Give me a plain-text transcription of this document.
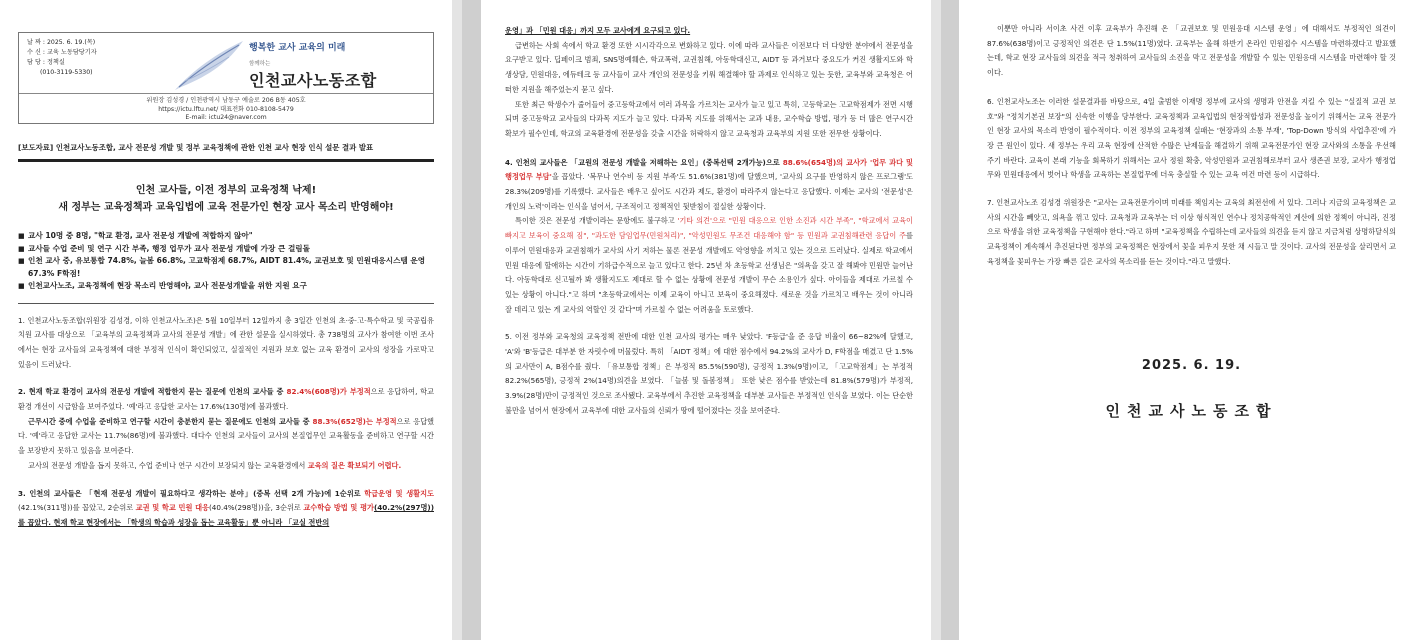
날 짜 : 2025. 6. 19.(목)
수 신 : 교육 노동담당기자
담 당 : 정책실
(010-3119-5330)
행복한 교사 교육의 미래
함께하는
인천교사노동조합
위원장 김성경 / 인천광역시 남동구 예술로 206 B동 405호
https://ictu.lftu.net/ 대표전화 010-8108-5479
E-mail: ictu24@naver.com
[보도자료] 인천교사노동조합, 교사 전문성 개발 및 정부 교육정책에 관한 인천 교사 현장 인식 설문 결과 발표
인천 교사들, 이전 정부의 교육정책 낙제!
새 정부는 교육정책과 교육입법에 교육 전문가인 현장 교사 목소리 반영해야!
■ 교사 10명 중 8명, "학교 환경, 교사 전문성 개발에 적합하지 않아"
■ 교사들 수업 준비 및 연구 시간 부족, 행정 업무가 교사 전문성 개발에 가장 큰 걸림돌
■ 인천 교사 중, 유보통합 74.8%, 늘봄 66.8%, 고교학점제 68.7%, AIDT 81.4%, 교권보호 및 민원대응시스템 운영 67.3% F학점!
■ 인천교사노조, 교육정책에 현장 목소리 반영해야, 교사 전문성개발을 위한 지원 요구

1. 인천교사노동조합(위원장 김성경, 이하 인천교사노조)은 5월 10일부터 12일까지 총 3일간 인천의 초·중·고·특수학교 및 국공립유치원 교사를 대상으로 「교육부의 교육정책과 교사의 전문성 개발」에 관한 설문을 실시하였다. 총 738명의 교사가 참여한 이번 조사에서는 현장 교사들의 교육정책에 대한 부정적 인식이 확인되었고, 실질적인 지원과 보호 없는 교육 환경이 교사의 성장을 가로막고 있음이 드러났다.

2. 현재 학교 환경이 교사의 전문성 개발에 적합한지 묻는 질문에 인천의 교사들 중 82.4%(608명)가 부정적으로 응답하여, 학교 환경 개선이 시급함을 보여주었다. '예'라고 응답한 교사는 17.6%(130명)에 불과했다.

근무시간 중에 수업을 준비하고 연구할 시간이 충분한지 묻는 질문에도 인천의 교사들 중 88.3%(652명)는 부정적으로 응답했다. '예'라고 응답한 교사는 11.7%(86명)에 불과했다. 대다수 인천의 교사들이 교사의 본질업무인 교육활동을 준비하고 연구할 시간을 보장받지 못하고 있음을 보여준다.

교사의 전문성 개발을 돕지 못하고, 수업 준비나 연구 시간이 보장되지 않는 교육환경에서 교육의 질은 확보되기 어렵다.

3. 인천의 교사들은 「현재 전문성 개발이 필요하다고 생각하는 분야」(중복 선택 2개 가능)에 1순위로 학급운영 및 생활지도(42.1%(311명))를 꼽았고, 2순위로 교권 및 학교 민원 대응(40.4%(298명))을, 3순위로 교수학습 방법 및 평가(40.2%(297명))를 꼽았다. 현재 학교 현장에서는 「학생의 학습과 성장을 돕는 교육활동」뿐 아니라 「교실 전반의

운영」과 「민원 대응」까지 모두 교사에게 요구되고 있다.

급변하는 사회 속에서 학교 환경 또한 시시각각으로 변화하고 있다. 이에 따라 교사들은 이전보다 더 다양한 분야에서 전문성을 요구받고 있다. 딥페이크 범죄, SNS명예훼손, 학교폭력, 교권침해, 아동학대신고, AIDT 등 과거보다 중요도가 커진 생활지도와 학생상담, 민원대응, 에듀테크 등 교사들이 교사 개인의 전문성을 키워 해결해야 할 과제로 인식하고 있는 듯한, 교육부와 교육청은 어떠한 지원을 해주었는지 묻고 싶다.

또한 최근 학생수가 줄어들어 중고등학교에서 여러 과목을 가르치는 교사가 늘고 있고 특히, 고등학교는 고교학점제가 전면 시행되며 중고등학교 교사들의 다과목 지도가 늘고 있다. 다과목 지도를 위해서는 교과 내용, 교수학습 방법, 평가 등 더 많은 연구시간 확보가 필수인데, 학교의 교육환경에 전문성을 갖출 시간을 허락하지 않고 교육청과 교육부의 지원 또한 전무한 상황이다.

4. 인천의 교사들은 「교원의 전문성 개발을 저해하는 요인」(중복선택 2개가능)으로 88.6%(654명)의 교사가 '업무 과다 및 행정업무 부담'을 꼽았다. '복무나 연수비 등 지원 부족'도 51.6%(381명)에 달했으며, '교사의 요구를 반영하지 않은 프로그램'도 28.3%(209명)를 기록했다. 교사들은 배우고 싶어도 시간과 제도, 환경이 따라주지 않는다고 응답했다. 이제는 교사의 '전문성'은 개인의 노력'이라는 인식을 넘어서, 구조적이고 정책적인 뒷받침이 절실한 상황이다.

특이한 것은 전문성 개발이라는 문항에도 불구하고 '기타 의견'으로 "민원 대응으로 인한 소진과 시간 부족", "학교에서 교육이 빠지고 보육이 중요해 짐", "과도한 담임업무(민원처리)", "악성민원도 무조건 대응해야 함" 등 민원과 교권침해관련 응답이 주를 이루어 민원대응과 교권침해가 교사의 사기 저하는 물론 전문성 개발에도 악영향을 끼치고 있는 것으로 드러났다. 실제로 학교에서 민원 대응에 할애하는 시간이 기하급수적으로 늘고 있다고 한다. 25년 차 초등학교 선생님은 "의욕을 갖고 잘 해봐야 민원만 늘어난다. 아동학대로 신고될까 봐 생활지도도 제대로 할 수 없는 상황에 전문성 개발이 무슨 소용인가 싶다. 아이들을 제대로 가르칠 수 있는 상황이 아니다."고 하며 "초등학교에서는 이제 교육이 아니고 보육이 중요해졌다. 새로운 것을 가르치고 배우는 것이 아니라 잘 데리고 있는 게 교사의 역할인 것 같다"며 가르칠 수 없는 어려움을 토로했다.

5. 이전 정부와 교육청의 교육정책 전반에 대한 인천 교사의 평가는 매우 낮았다. 'F등급'을 준 응답 비율이 66~82%에 달했고, 'A'와 'B'등급은 대부분 한 자릿수에 머물렀다. 특히 「AIDT 정책」에 대한 점수에서 94.2%의 교사가 D, F학점을 매겼고 단 1.5%의 교사만이 A, B점수를 줬다. 「유보통합 정책」은 부정적 85.5%(590명), 긍정적 1.3%(9명)이고, 「고교학점제」는 부정적 82.2%(565명), 긍정적 2%(14명)의견을 보였다. 「늘봄 및 돌봄정책」 또한 낮은 점수를 받았는데 81.8%(579명)가 부정적, 3.9%(28명)만이 긍정적인 것으로 조사됐다. 교육부에서 추진한 교육정책을 대부분 교사들은 부정적인 인식을 보였다. 이는 단순한 불만을 넘어서 현장에서 교육부에 대한 교사들의 신뢰가 땅에 떨어졌다는 것을 보여준다.

이뿐만 아니라 서이초 사건 이후 교육부가 추진해 온 「교권보호 및 민원응대 시스템 운영」에 대해서도 부정적인 의견이 87.6%(638명)이고 긍정적인 의견은 단 1.5%(11명)였다. 교육부는 올해 하반기 온라인 민원접수 시스템을 마련하겠다고 발표했는데, 학교 현장 교사들의 의견을 적극 청취하여 교사들의 소진을 막고 전문성을 개발할 수 있는 민원응대 시스템을 마련해야 할 것이다.

6. 인천교사노조는 이러한 설문결과를 바탕으로, 4일 출범한 이재명 정부에 교사의 생명과 안전을 지킬 수 있는 "실질적 교권 보호"와 "정치기본권 보장"의 신속한 이행을 당부한다. 교육정책과 교육입법의 현장적합성과 전문성을 높이기 위해서는 교육 전문가인 현장 교사의 목소리 반영이 필수적이다. 이전 정부의 교육정책 실패는 '현장과의 소통 부재', 'Top-Down 방식의 사업추진'에 가장 큰 원인이 있다. 새 정부는 우리 교육 현장에 산적한 수많은 난제들을 해결하기 위해 교육전문가인 현장 교사와의 소통을 우선해주기 바란다. 교육이 본래 기능을 회복하기 위해서는 교사 정원 확충, 악성민원과 교권침해로부터 교사 생존권 보장, 교사가 행정업무와 민원대응에서 벗어나 학생을 교육하는 본질업무에 더욱 충실할 수 있는 교육 여건 마련 등이 시급하다.

7. 인천교사노조 김성경 위원장은 "교사는 교육전문가이며 미래를 책임지는 교육의 최전선에 서 있다. 그러나 지금의 교육정책은 교사의 시간을 빼앗고, 의욕을 꺾고 있다. 교육청과 교육부는 더 이상 형식적인 연수나 정치공학적인 계산에 의한 정책이 아니라, 진정으로 학생을 위한 교육정책을 구현해야 한다."라고 하며 "교육정책을 수립하는데 교사들의 의견을 듣지 않고 지금처럼 상명하달식의 교육정책이 계속해서 추진된다면 정부의 교육정책은 현장에서 꽃을 피우지 못한 채 시들고 말 것이다. 교사의 전문성을 살리면서 교육정책을 꽃피우는 가장 빠른 길은 교사의 목소리를 듣는 것이다."라고 말했다.

2025. 6. 19.
인천교사노동조합
